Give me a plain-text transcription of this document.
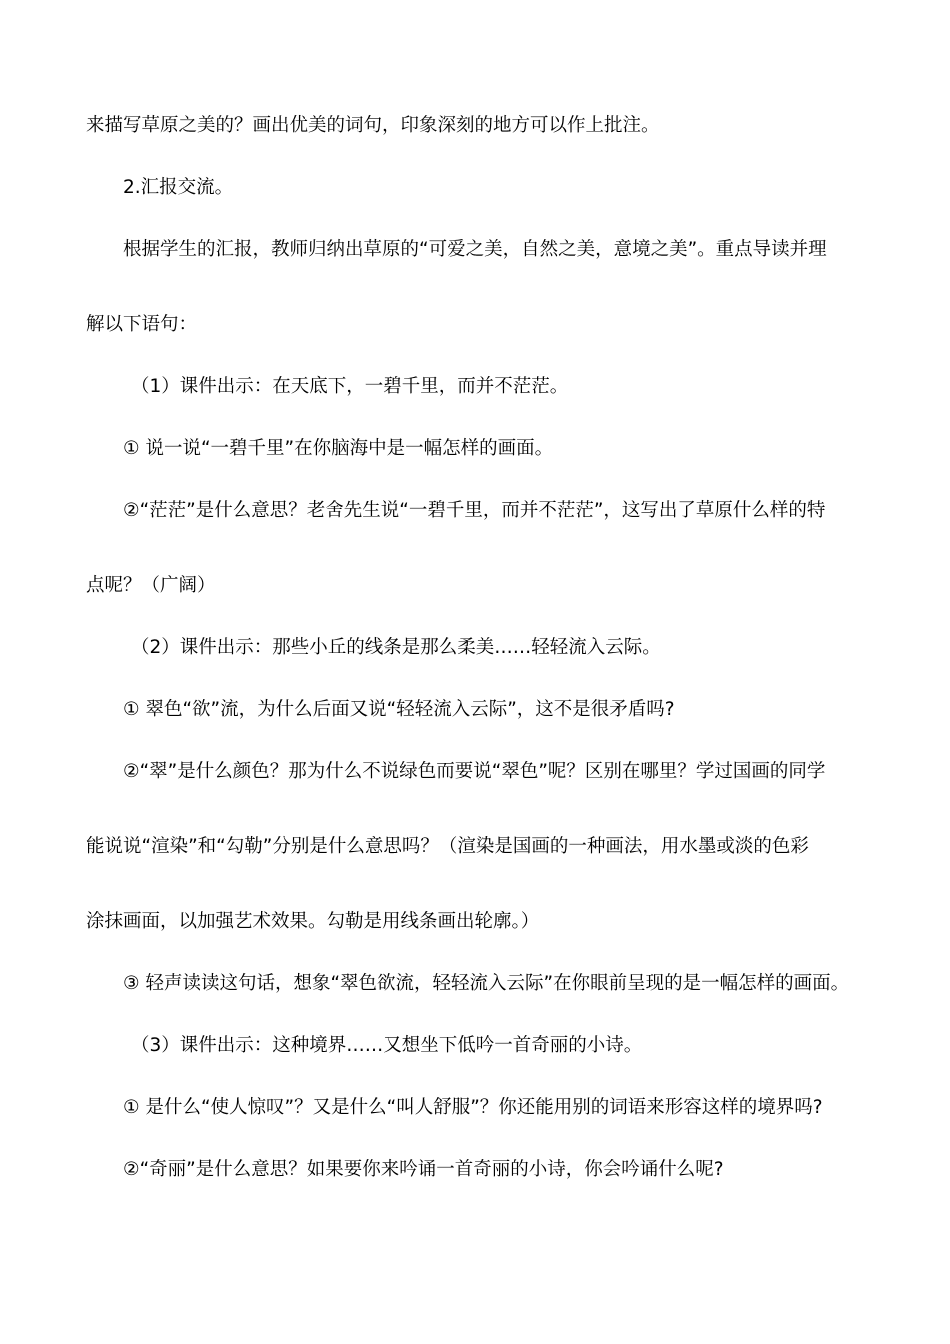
来描写草原之美的？画出优美的词句，印象深刻的地方可以作上批注。
2.汇报交流。
根据学生的汇报，教师归纳出草原的“可爱之美，自然之美，意境之美”。重点导读并理
解以下语句：
（1）课件出示：在天底下，一碧千里，而并不茫茫。
① 说一说“一碧千里”在你脑海中是一幅怎样的画面。
②“茫茫”是什么意思？老舍先生说“一碧千里，而并不茫茫”，这写出了草原什么样的特
点呢？（广阔）
（2）课件出示：那些小丘的线条是那么柔美……轻轻流入云际。
① 翠色“欲”流，为什么后面又说“轻轻流入云际”，这不是很矛盾吗?
②“翠”是什么颜色？那为什么不说绿色而要说“翠色”呢？区别在哪里？学过国画的同学
能说说“渲染”和“勾勒”分别是什么意思吗？（渲染是国画的一种画法，用水墨或淡的色彩
涂抹画面，以加强艺术效果。勾勒是用线条画出轮廓。）
③ 轻声读读这句话，想象“翠色欲流，轻轻流入云际”在你眼前呈现的是一幅怎样的画面。
（3）课件出示：这种境界……又想坐下低吟一首奇丽的小诗。
① 是什么“使人惊叹”？又是什么“叫人舒服”？你还能用别的词语来形容这样的境界吗?
②“奇丽”是什么意思？如果要你来吟诵一首奇丽的小诗，你会吟诵什么呢?
